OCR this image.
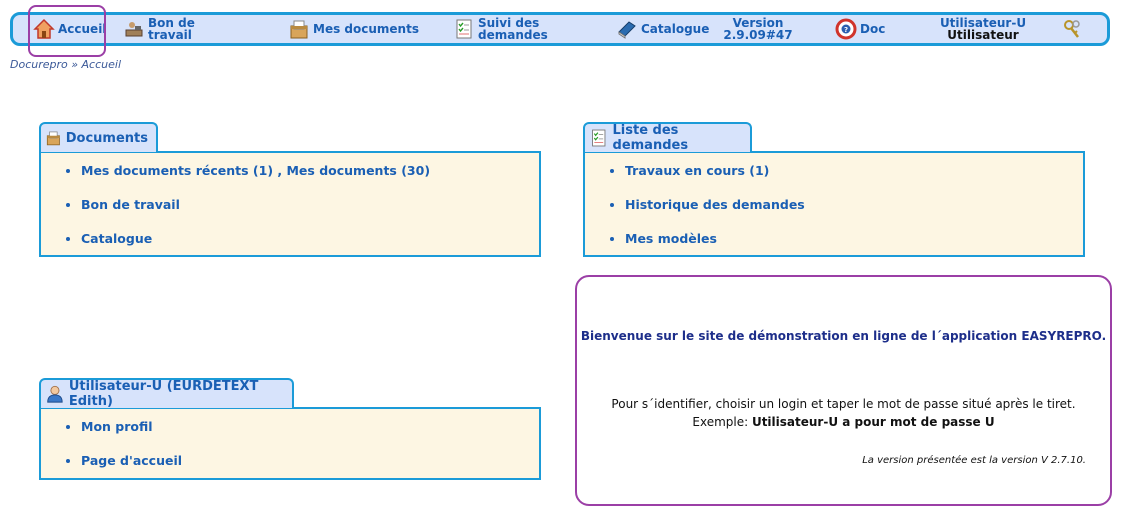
Accueil	Bon de
travail	Mes documents	Suivi des
demandes	Catalogue Version
2.9.09#47	? Doc	Utilisateur-U
Utilisateur
Docurepro » Accueil
Documents
• Mes documents récents (1) , Mes documents (30)
• Bon de travail
• Catalogue
Liste des demandes
• Travaux en cours (1)
• Historique des demandes
• Mes modèles
Utilisateur-U (EURDETEXT Edith)
• Mon profil
• Page d'accueil
Bienvenue sur le site de démonstration en ligne de l´application EASYREPRO.
Pour s´identifier, choisir un login et taper le mot de passe situé après le tiret.
Exemple: Utilisateur-U a pour mot de passe U
La version présentée est la version V 2.7.10.
